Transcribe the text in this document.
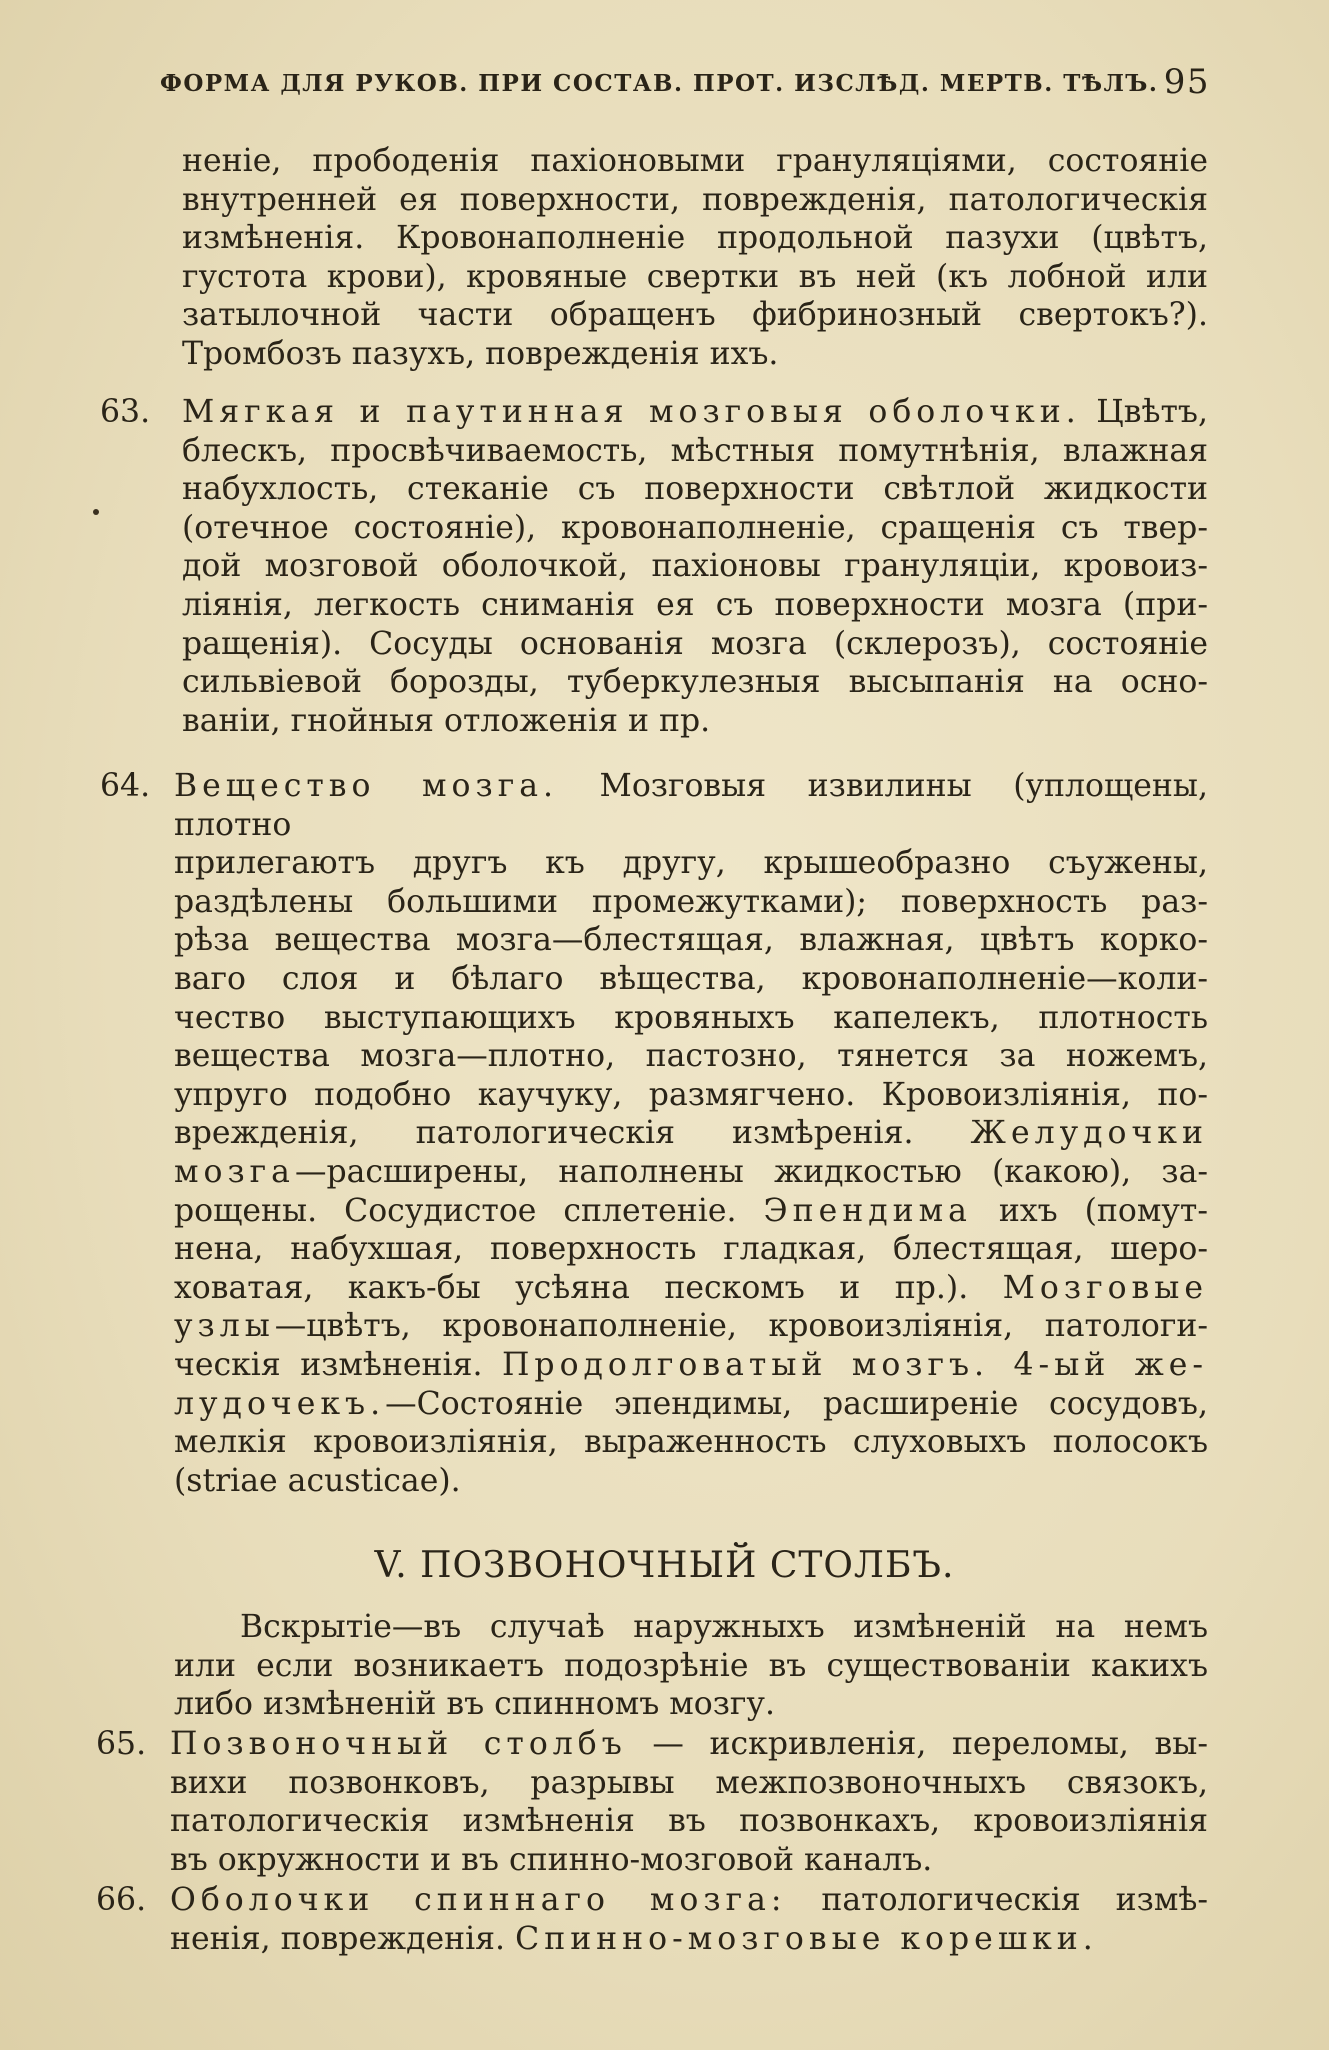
ФОРМА ДЛЯ РУКОВ. ПРИ СОСТАВ. ПРОТ. ИЗСЛѢД. МЕРТВ. ТѢЛЪ. 95
неніе, прободенія пахіоновыми грануляціями, состояніе
внутренней ея поверхности, поврежденія, патологическія
измѣненія. Кровонаполненіе продольной пазухи (цвѣтъ,
густота крови), кровяные свертки въ ней (къ лобной или
затылочной части обращенъ фибринозный свертокъ?).
Тромбозъ пазухъ, поврежденія ихъ.
63. Мягкая и паутинная мозговыя оболочки. Цвѣтъ,
блескъ, просвѣчиваемость, мѣстныя помутнѣнія, влажная
набухлость, стеканіе съ поверхности свѣтлой жидкости
(отечное состояніе), кровонаполненіе, сращенія съ твер-
дой мозговой оболочкой, пахіоновы грануляціи, кровоиз-
ліянія, легкость сниманія ея съ поверхности мозга (при-
ращенія). Сосуды основанія мозга (склерозъ), состояніе
сильвіевой борозды, туберкулезныя высыпанія на осно-
ваніи, гнойныя отложенія и пр.
64. Вещество мозга. Мозговыя извилины (уплощены, плотно
прилегаютъ другъ къ другу, крышеобразно съужены,
раздѣлены большими промежутками); поверхность раз-
рѣза вещества мозга—блестящая, влажная, цвѣтъ корко-
ваго слоя и бѣлаго вѣщества, кровонаполненіе—коли-
чество выступающихъ кровяныхъ капелекъ, плотность
вещества мозга—плотно, пастозно, тянется за ножемъ,
упруго подобно каучуку, размягчено. Кровоизліянія, по-
врежденія, патологическія измѣренія. Желудочки
мозга—расширены, наполнены жидкостью (какою), за-
рощены. Сосудистое сплетеніе. Эпендима ихъ (помут-
нена, набухшая, поверхность гладкая, блестящая, шеро-
ховатая, какъ-бы усѣяна пескомъ и пр.). Мозговые
узлы—цвѣтъ, кровонаполненіе, кровоизліянія, патологи-
ческія измѣненія. Продолговатый мозгъ. 4-ый же-
лудочекъ.—Состояніе эпендимы, расширеніе сосудовъ,
мелкія кровоизліянія, выраженность слуховыхъ полосокъ
(striae acusticae).
V. ПОЗВОНОЧНЫЙ СТОЛБЪ.
Вскрытіе—въ случаѣ наружныхъ измѣненій на немъ
или если возникаетъ подозрѣніе въ существованіи какихъ
либо измѣненій въ спинномъ мозгу.
65. Позвоночный столбъ — искривленія, переломы, вы-
вихи позвонковъ, разрывы межпозвоночныхъ связокъ,
патологическія измѣненія въ позвонкахъ, кровоизліянія
въ окружности и въ спинно-мозговой каналъ.
66. Оболочки спиннаго мозга: патологическія измѣ-
ненія, поврежденія. Спинно-мозговые корешки.
